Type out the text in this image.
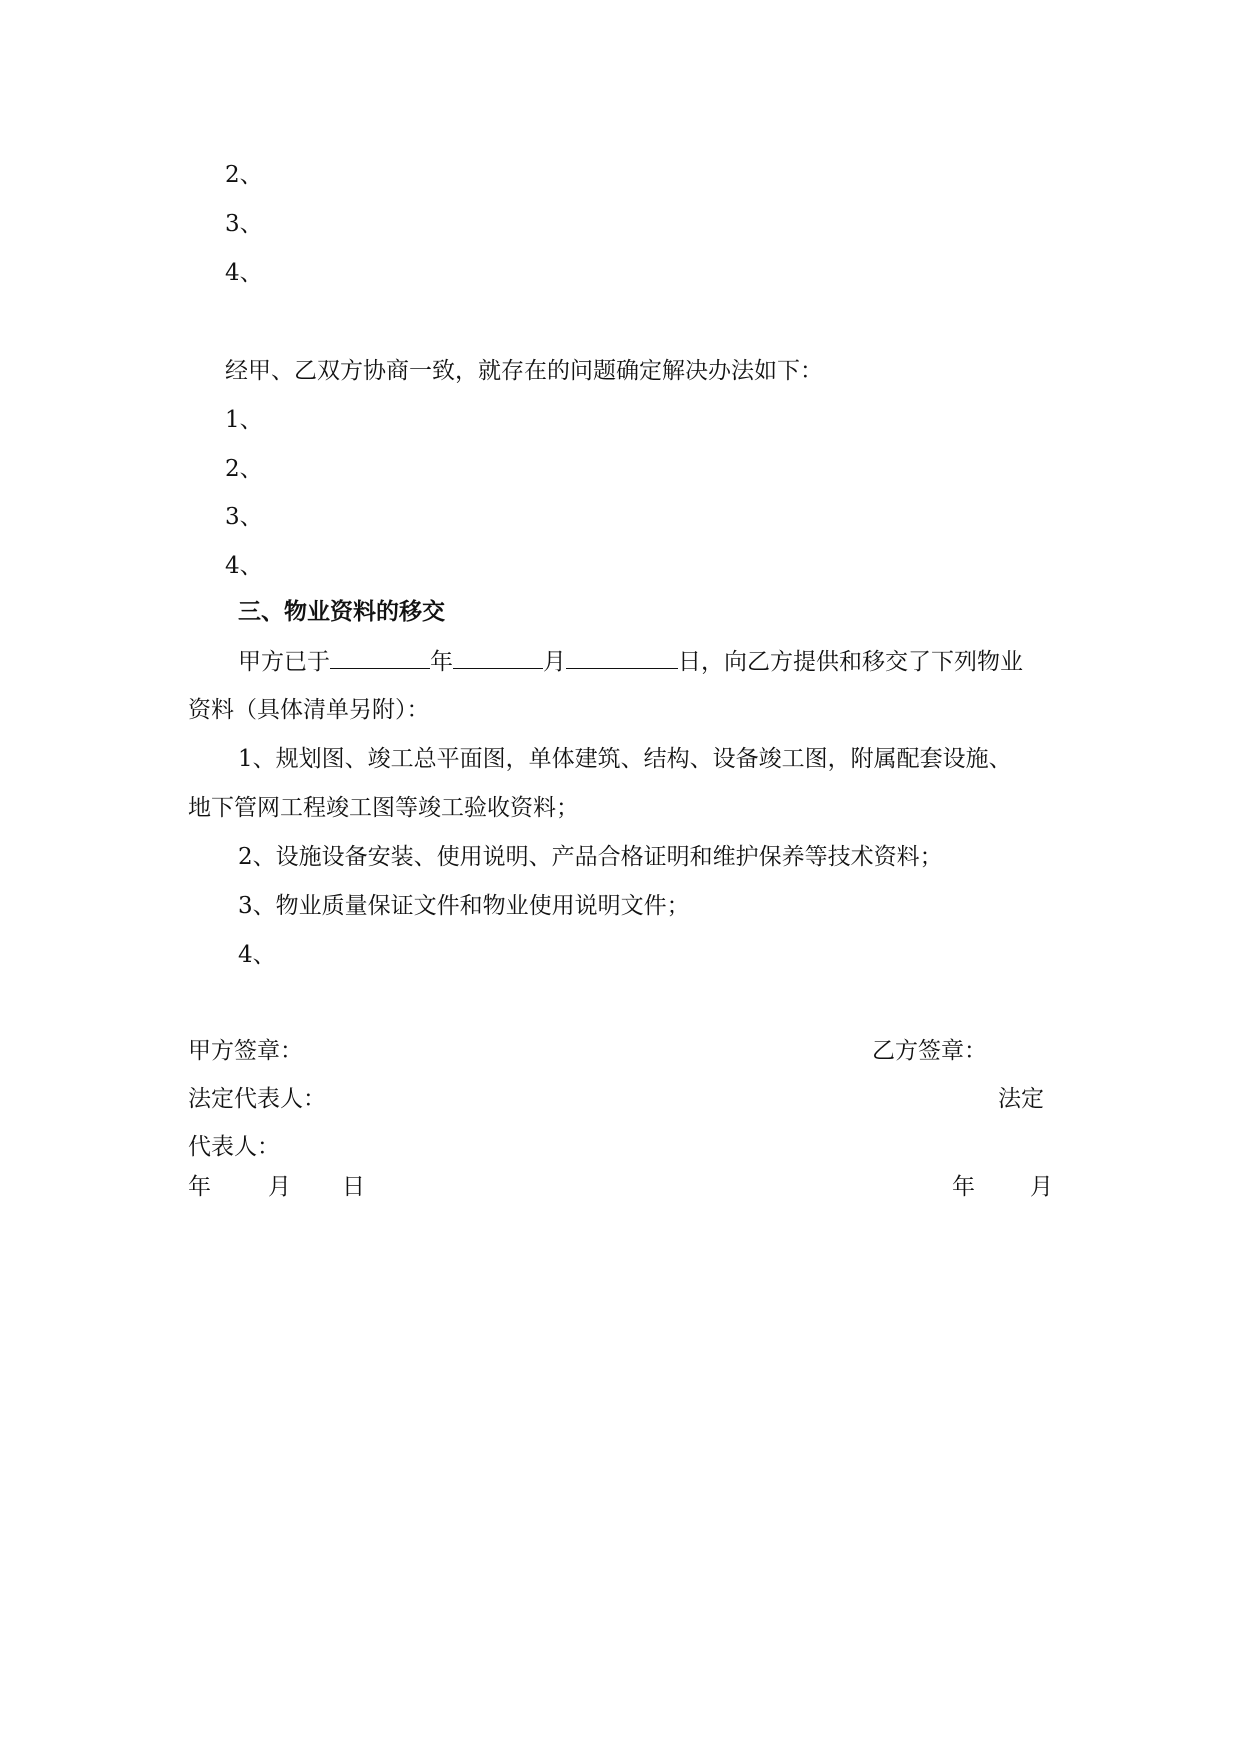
2、
3、
4、
经甲、乙双方协商一致，就存在的问题确定解决办法如下：
1、
2、
3、
4、
三、物业资料的移交
甲方已于	年	月	日，向乙方提供和移交了下列物业
资料（具体清单另附）：
1、规划图、竣工总平面图，单体建筑、结构、设备竣工图，附属配套设施、
地下管网工程竣工图等竣工验收资料；
2、设施设备安装、使用说明、产品合格证明和维护保养等技术资料；
3、物业质量保证文件和物业使用说明文件；
4、
甲方签章：	乙方签章：
法定代表人：	法定
代表人：
年 月 日	年 月
